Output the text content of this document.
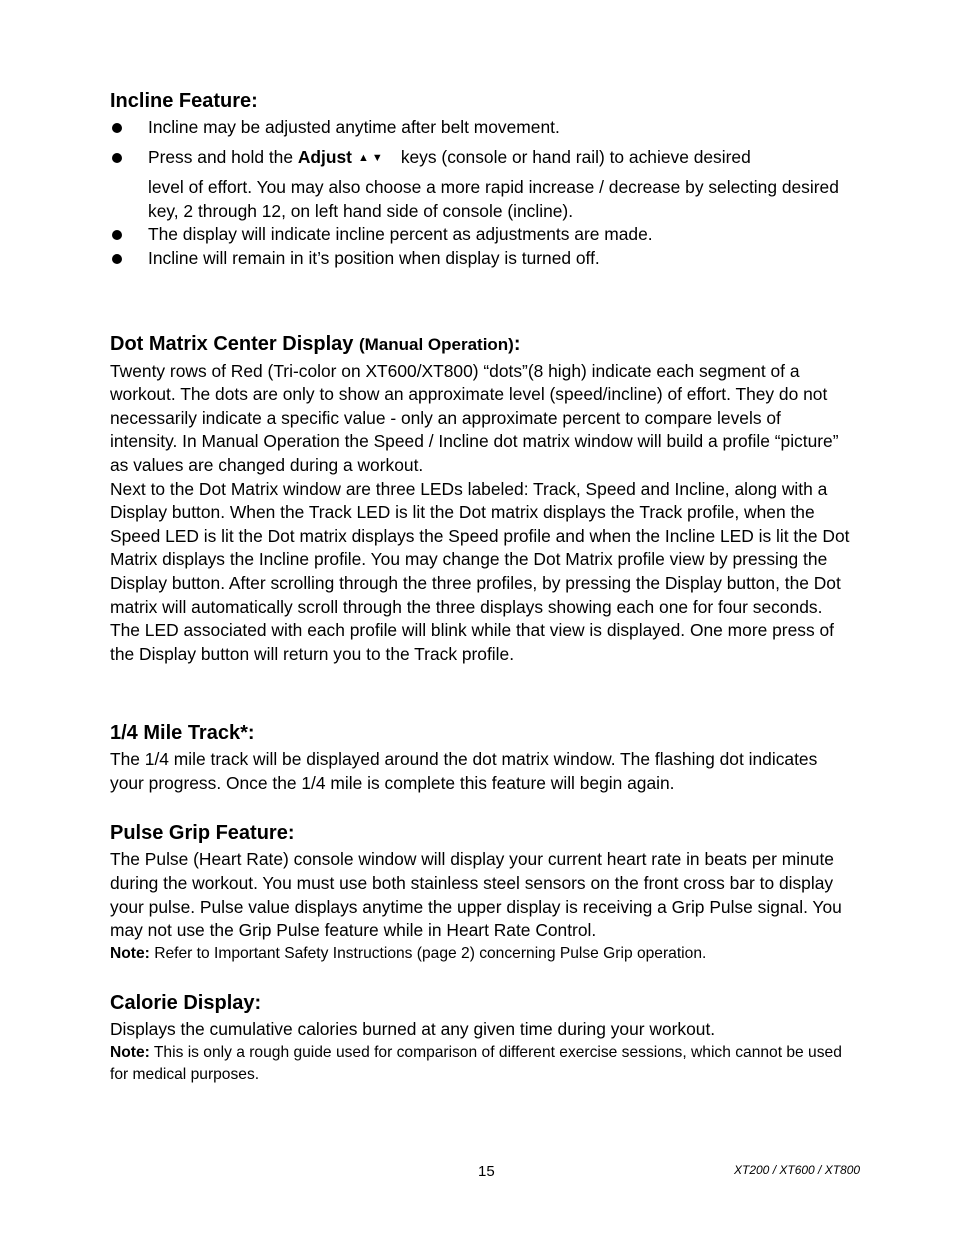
Incline Feature:
Incline may be adjusted anytime after belt movement.
Press and hold the Adjust ▲ ▼ keys (console or hand rail) to achieve desired
level of effort. You may also choose a more rapid increase / decrease by selecting desired key, 2 through 12, on left hand side of console (incline).
The display will indicate incline percent as adjustments are made.
Incline will remain in it’s position when display is turned off.
Dot Matrix Center Display (Manual Operation):

Twenty rows of Red (Tri-color on XT600/XT800) “dots”(8 high) indicate each segment of a workout. The dots are only to show an approximate level (speed/incline) of effort. They do not necessarily indicate a specific value - only an approximate percent to compare levels of intensity. In Manual Operation the Speed / Incline dot matrix window will build a profile “picture” as values are changed during a workout.

Next to the Dot Matrix window are three LEDs labeled: Track, Speed and Incline, along with a Display button. When the Track LED is lit the Dot matrix displays the Track profile, when the Speed LED is lit the Dot matrix displays the Speed profile and when the Incline LED is lit the Dot Matrix displays the Incline profile. You may change the Dot Matrix profile view by pressing the Display button. After scrolling through the three profiles, by pressing the Display button, the Dot matrix will automatically scroll through the three displays showing each one for four seconds. The LED associated with each profile will blink while that view is displayed. One more press of the Display button will return you to the Track profile.

1/4 Mile Track*:

The 1/4 mile track will be displayed around the dot matrix window. The flashing dot indicates your progress. Once the 1/4 mile is complete this feature will begin again.

Pulse Grip Feature:

The Pulse (Heart Rate) console window will display your current heart rate in beats per minute during the workout. You must use both stainless steel sensors on the front cross bar to display your pulse. Pulse value displays anytime the upper display is receiving a Grip Pulse signal. You may not use the Grip Pulse feature while in Heart Rate Control.

Note: Refer to Important Safety Instructions (page 2) concerning Pulse Grip operation.
Calorie Display:

Displays the cumulative calories burned at any given time during your workout.

Note: This is only a rough guide used for comparison of different exercise sessions, which cannot be used for medical purposes.
15	XT200 / XT600 / XT800
